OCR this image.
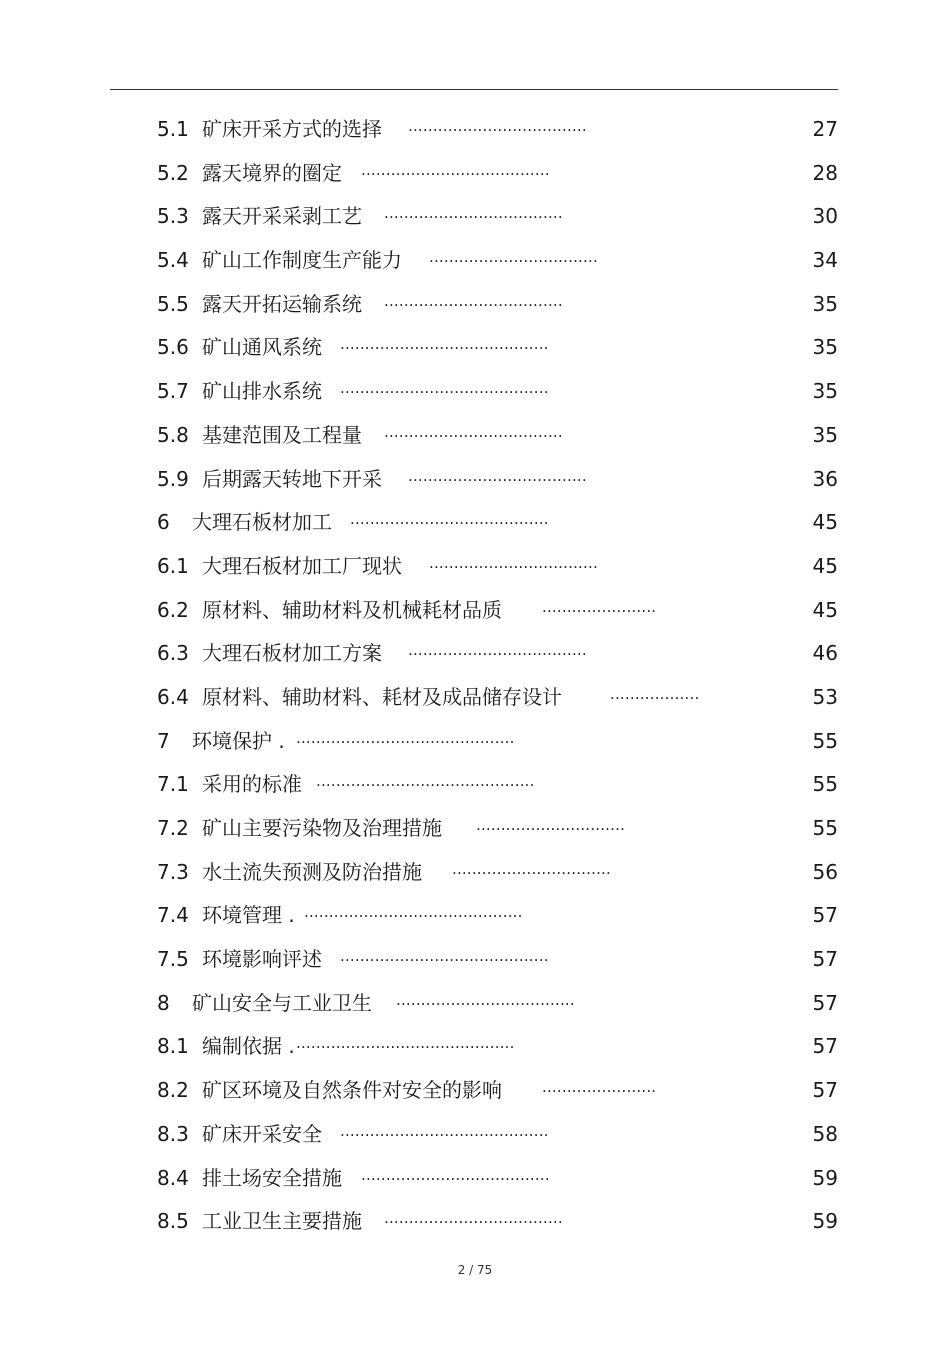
5.1 矿床开采方式的选择 ....................................	27
5.2 露天境界的圈定 ......................................	28
5.3 露天开采采剥工艺 ....................................	30
5.4 矿山工作制度生产能力 ..................................	34
5.5 露天开拓运输系统 ....................................	35
5.6 矿山通风系统 ..........................................	35
5.7 矿山排水系统 ..........................................	35
5.8 基建范围及工程量 ....................................	35
5.9 后期露天转地下开采 ....................................	36
6 大理石板材加工 ........................................	45
6.1 大理石板材加工厂现状 ..................................	45
6.2 原材料、辅助材料及机械耗材品质	.......................	45
6.3 大理石板材加工方案 ....................................	46
6.4 原材料、辅助材料、耗材及成品储存设计	..................	53
7 环境保护 . ............................................	55
7.1 采用的标准 ............................................	55
7.2 矿山主要污染物及治理措施 ..............................	55
7.3 水土流失预测及防治措施 ................................	56
7.4 环境管理 . ............................................	57
7.5 环境影响评述 ..........................................	57
8 矿山安全与工业卫生 ....................................	57
8.1 编制依据 . ............................................	57
8.2 矿区环境及自然条件对安全的影响	.......................	57
8.3 矿床开采安全 ..........................................	58
8.4 排土场安全措施 ......................................	59
8.5 工业卫生主要措施 ....................................	59
2 / 75
